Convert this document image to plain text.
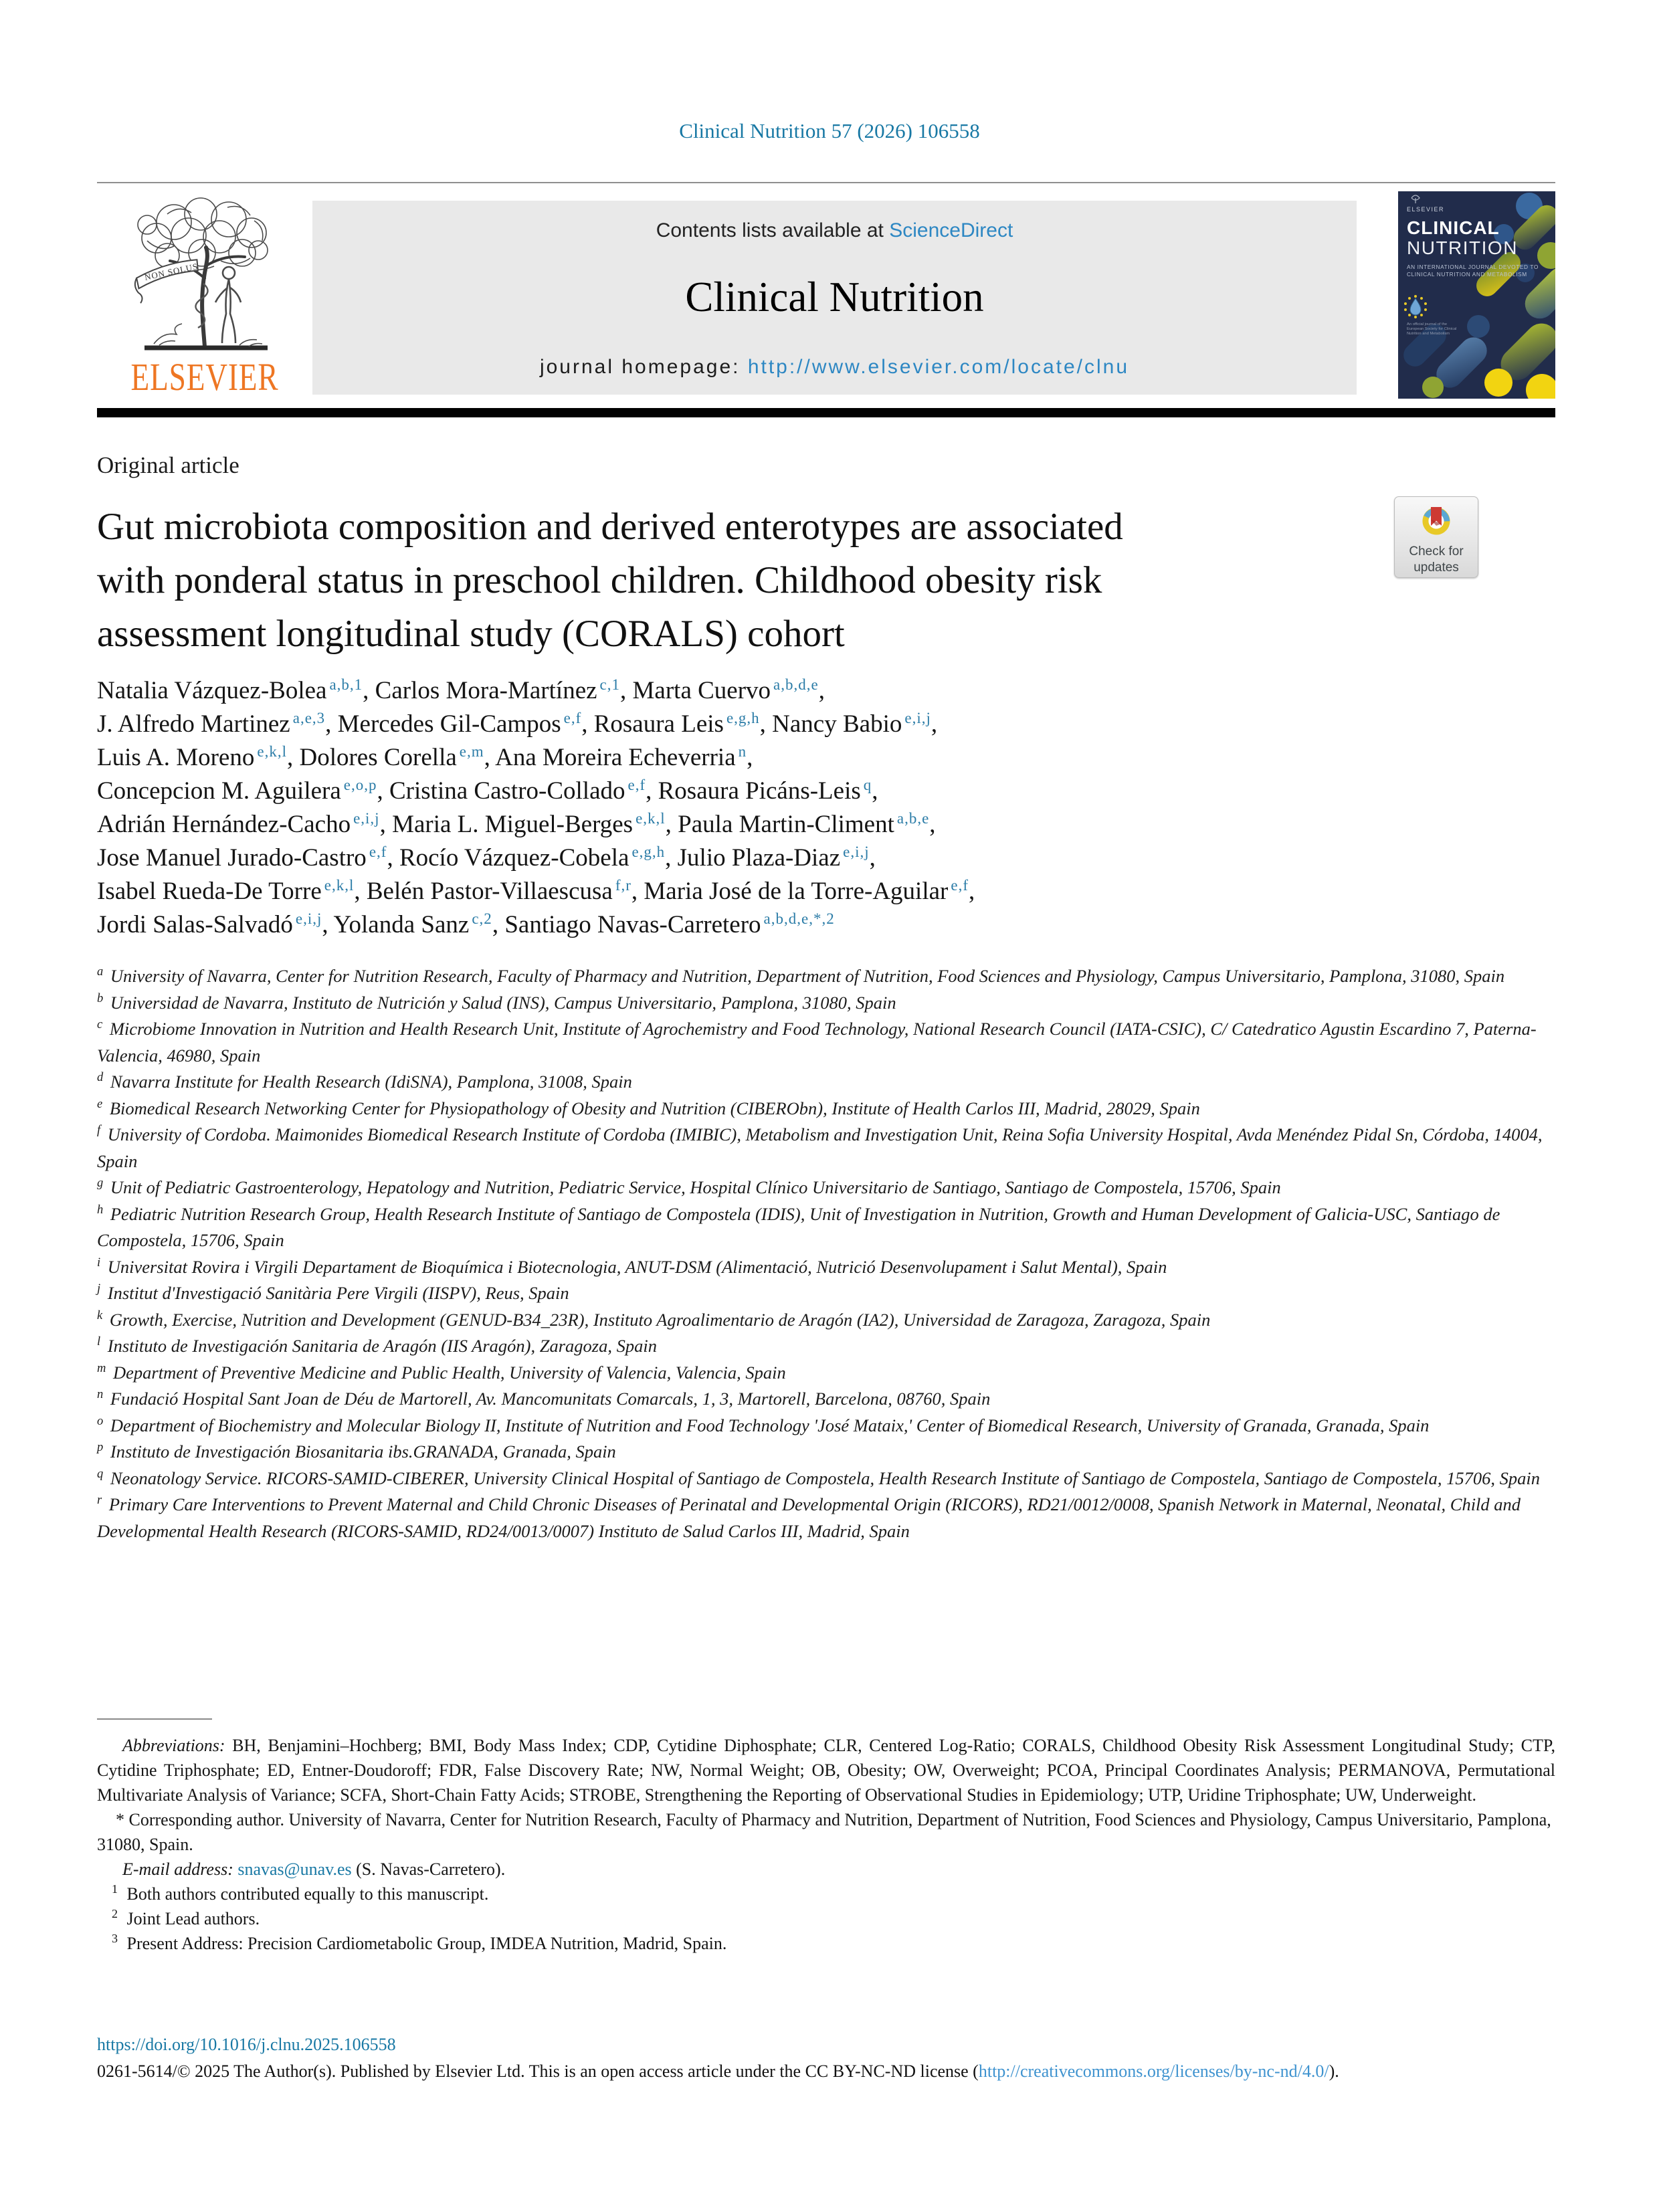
Clinical Nutrition 57 (2026) 106558
NON SOLUS
ELSEVIER
Contents lists available at ScienceDirect
Clinical Nutrition
journal homepage: http://www.elsevier.com/locate/clnu
ELSEVIER
CLINICAL
NUTRITION
AN INTERNATIONAL JOURNAL DEVOTED TO
CLINICAL NUTRITION AND METABOLISM
An official journal of the
European Society for Clinical
Nutrition and Metabolism
Original article
Gut microbiota composition and derived enterotypes are associated
with ponderal status in preschool children. Childhood obesity risk
assessment longitudinal study (CORALS) cohort
Check for
updates
Natalia Vázquez-Bolea $^{a,b,1}$, Carlos Mora-Martínez $^{c,1}$, Marta Cuervo $^{a,b,d,e}$,
J. Alfredo Martinez $^{a,e,3}$, Mercedes Gil-Campos $^{e,f}$, Rosaura Leis $^{e,g,h}$, Nancy Babio $^{e,i,j}$,
Luis A. Moreno $^{e,k,l}$, Dolores Corella $^{e,m}$, Ana Moreira Echeverria $^n$,
Concepcion M. Aguilera $^{e,o,p}$, Cristina Castro-Collado $^{e,f}$, Rosaura Picáns-Leis $^q$,
Adrián Hernández-Cacho $^{e,i,j}$, Maria L. Miguel-Berges $^{e,k,l}$, Paula Martin-Climent $^{a,b,e}$,
Jose Manuel Jurado-Castro $^{e,f}$, Rocío Vázquez-Cobela $^{e,g,h}$, Julio Plaza-Diaz $^{e,i,j}$,
Isabel Rueda-De Torre $^{e,k,l}$, Belén Pastor-Villaescusa $^{f,r}$, Maria José de la Torre-Aguilar $^{e,f}$,
Jordi Salas-Salvadó $^{e,i,j}$, Yolanda Sanz $^{c,2}$, Santiago Navas-Carretero $^{a,b,d,e,*,2}$
$^a$ University of Navarra, Center for Nutrition Research, Faculty of Pharmacy and Nutrition, Department of Nutrition, Food Sciences and Physiology, Campus Universitario, Pamplona, 31080, Spain
$^b$ Universidad de Navarra, Instituto de Nutrición y Salud (INS), Campus Universitario, Pamplona, 31080, Spain
$^c$ Microbiome Innovation in Nutrition and Health Research Unit, Institute of Agrochemistry and Food Technology, National Research Council (IATA-CSIC), C/ Catedratico Agustin Escardino 7, Paterna-Valencia, 46980, Spain
$^d$ Navarra Institute for Health Research (IdiSNA), Pamplona, 31008, Spain
$^e$ Biomedical Research Networking Center for Physiopathology of Obesity and Nutrition (CIBERObn), Institute of Health Carlos III, Madrid, 28029, Spain
$^f$ University of Cordoba. Maimonides Biomedical Research Institute of Cordoba (IMIBIC), Metabolism and Investigation Unit, Reina Sofia University Hospital, Avda Menéndez Pidal Sn, Córdoba, 14004, Spain
$^g$ Unit of Pediatric Gastroenterology, Hepatology and Nutrition, Pediatric Service, Hospital Clínico Universitario de Santiago, Santiago de Compostela, 15706, Spain
$^h$ Pediatric Nutrition Research Group, Health Research Institute of Santiago de Compostela (IDIS), Unit of Investigation in Nutrition, Growth and Human Development of Galicia-USC, Santiago de Compostela, 15706, Spain
$^i$ Universitat Rovira i Virgili Departament de Bioquímica i Biotecnologia, ANUT-DSM (Alimentació, Nutrició Desenvolupament i Salut Mental), Spain
$^j$ Institut d'Investigació Sanitària Pere Virgili (IISPV), Reus, Spain
$^k$ Growth, Exercise, Nutrition and Development (GENUD-B34_23R), Instituto Agroalimentario de Aragón (IA2), Universidad de Zaragoza, Zaragoza, Spain
$^l$ Instituto de Investigación Sanitaria de Aragón (IIS Aragón), Zaragoza, Spain
$^m$ Department of Preventive Medicine and Public Health, University of Valencia, Valencia, Spain
$^n$ Fundació Hospital Sant Joan de Déu de Martorell, Av. Mancomunitats Comarcals, 1, 3, Martorell, Barcelona, 08760, Spain
$^o$ Department of Biochemistry and Molecular Biology II, Institute of Nutrition and Food Technology 'José Mataix,' Center of Biomedical Research, University of Granada, Granada, Spain
$^p$ Instituto de Investigación Biosanitaria ibs.GRANADA, Granada, Spain
$^q$ Neonatology Service. RICORS-SAMID-CIBERER, University Clinical Hospital of Santiago de Compostela, Health Research Institute of Santiago de Compostela, Santiago de Compostela, 15706, Spain
$^r$ Primary Care Interventions to Prevent Maternal and Child Chronic Diseases of Perinatal and Developmental Origin (RICORS), RD21/0012/0008, Spanish Network in Maternal, Neonatal, Child and Developmental Health Research (RICORS-SAMID, RD24/0013/0007) Instituto de Salud Carlos III, Madrid, Spain
Abbreviations: BH, Benjamini–Hochberg; BMI, Body Mass Index; CDP, Cytidine Diphosphate; CLR, Centered Log-Ratio; CORALS, Childhood Obesity Risk Assessment Longitudinal Study; CTP, Cytidine Triphosphate; ED, Entner-Doudoroff; FDR, False Discovery Rate; NW, Normal Weight; OB, Obesity; OW, Overweight; PCOA, Principal Coordinates Analysis; PERMANOVA, Permutational Multivariate Analysis of Variance; SCFA, Short-Chain Fatty Acids; STROBE, Strengthening the Reporting of Observational Studies in Epidemiology; UTP, Uridine Triphosphate; UW, Underweight.
* Corresponding author. University of Navarra, Center for Nutrition Research, Faculty of Pharmacy and Nutrition, Department of Nutrition, Food Sciences and Physiology, Campus Universitario, Pamplona, 31080, Spain.
E-mail address: snavas@unav.es (S. Navas-Carretero).
$^1$ Both authors contributed equally to this manuscript.
$^2$ Joint Lead authors.
$^3$ Present Address: Precision Cardiometabolic Group, IMDEA Nutrition, Madrid, Spain.
https://doi.org/10.1016/j.clnu.2025.106558
0261-5614/© 2025 The Author(s). Published by Elsevier Ltd. This is an open access article under the CC BY-NC-ND license (http://creativecommons.org/licenses/by-nc-nd/4.0/).
